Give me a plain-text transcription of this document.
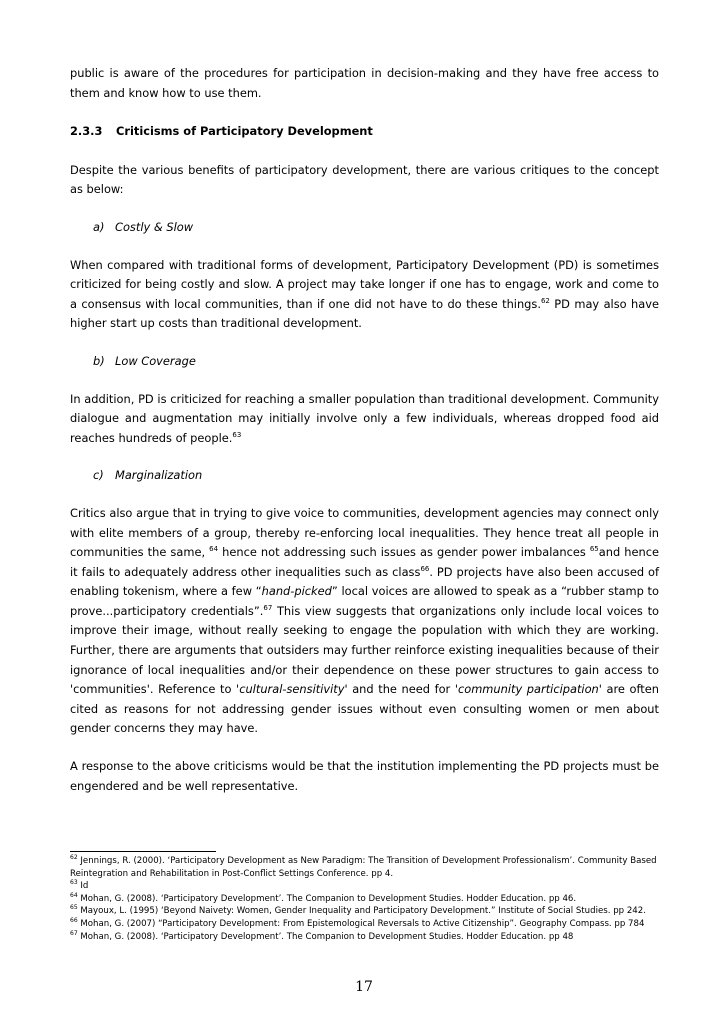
public is aware of the procedures for participation in decision-making and they have free access to them and know how to use them.

2.3.3 Criticisms of Participatory Development

Despite the various benefits of participatory development, there are various critiques to the concept as below:

a) Costly & Slow

When compared with traditional forms of development, Participatory Development (PD) is sometimes criticized for being costly and slow. A project may take longer if one has to engage, work and come to a consensus with local communities, than if one did not have to do these things.$^{62}$ PD may also have higher start up costs than traditional development.

b) Low Coverage

In addition, PD is criticized for reaching a smaller population than traditional development. Community dialogue and augmentation may initially involve only a few individuals, whereas dropped food aid reaches hundreds of people.$^{63}$

c) Marginalization

Critics also argue that in trying to give voice to communities, development agencies may connect only with elite members of a group, thereby re-enforcing local inequalities. They hence treat all people in communities the same, $^{64}$ hence not addressing such issues as gender power imbalances $^{65}$and hence it fails to adequately address other inequalities such as class$^{66}$. PD projects have also been accused of enabling tokenism, where a few “hand-picked” local voices are allowed to speak as a “rubber stamp to prove...participatory credentials”.$^{67}$ This view suggests that organizations only include local voices to improve their image, without really seeking to engage the population with which they are working. Further, there are arguments that outsiders may further reinforce existing inequalities because of their ignorance of local inequalities and/or their dependence on these power structures to gain access to 'communities'. Reference to 'cultural-sensitivity' and the need for 'community participation' are often cited as reasons for not addressing gender issues without even consulting women or men about gender concerns they may have.

A response to the above criticisms would be that the institution implementing the PD projects must be engendered and be well representative.

$^{62}$ Jennings, R. (2000). ‘Participatory Development as New Paradigm: The Transition of Development Professionalism’. Community Based Reintegration and Rehabilitation in Post-Conflict Settings Conference. pp 4.

$^{63}$ Id

$^{64}$ Mohan, G. (2008). ‘Participatory Development’. The Companion to Development Studies. Hodder Education. pp 46.

$^{65}$ Mayoux, L. (1995) ‘Beyond Naivety: Women, Gender Inequality and Participatory Development.” Institute of Social Studies. pp 242.

$^{66}$ Mohan, G. (2007) “Participatory Development: From Epistemological Reversals to Active Citizenship”. Geography Compass. pp 784

$^{67}$ Mohan, G. (2008). ‘Participatory Development’. The Companion to Development Studies. Hodder Education. pp 48

17
